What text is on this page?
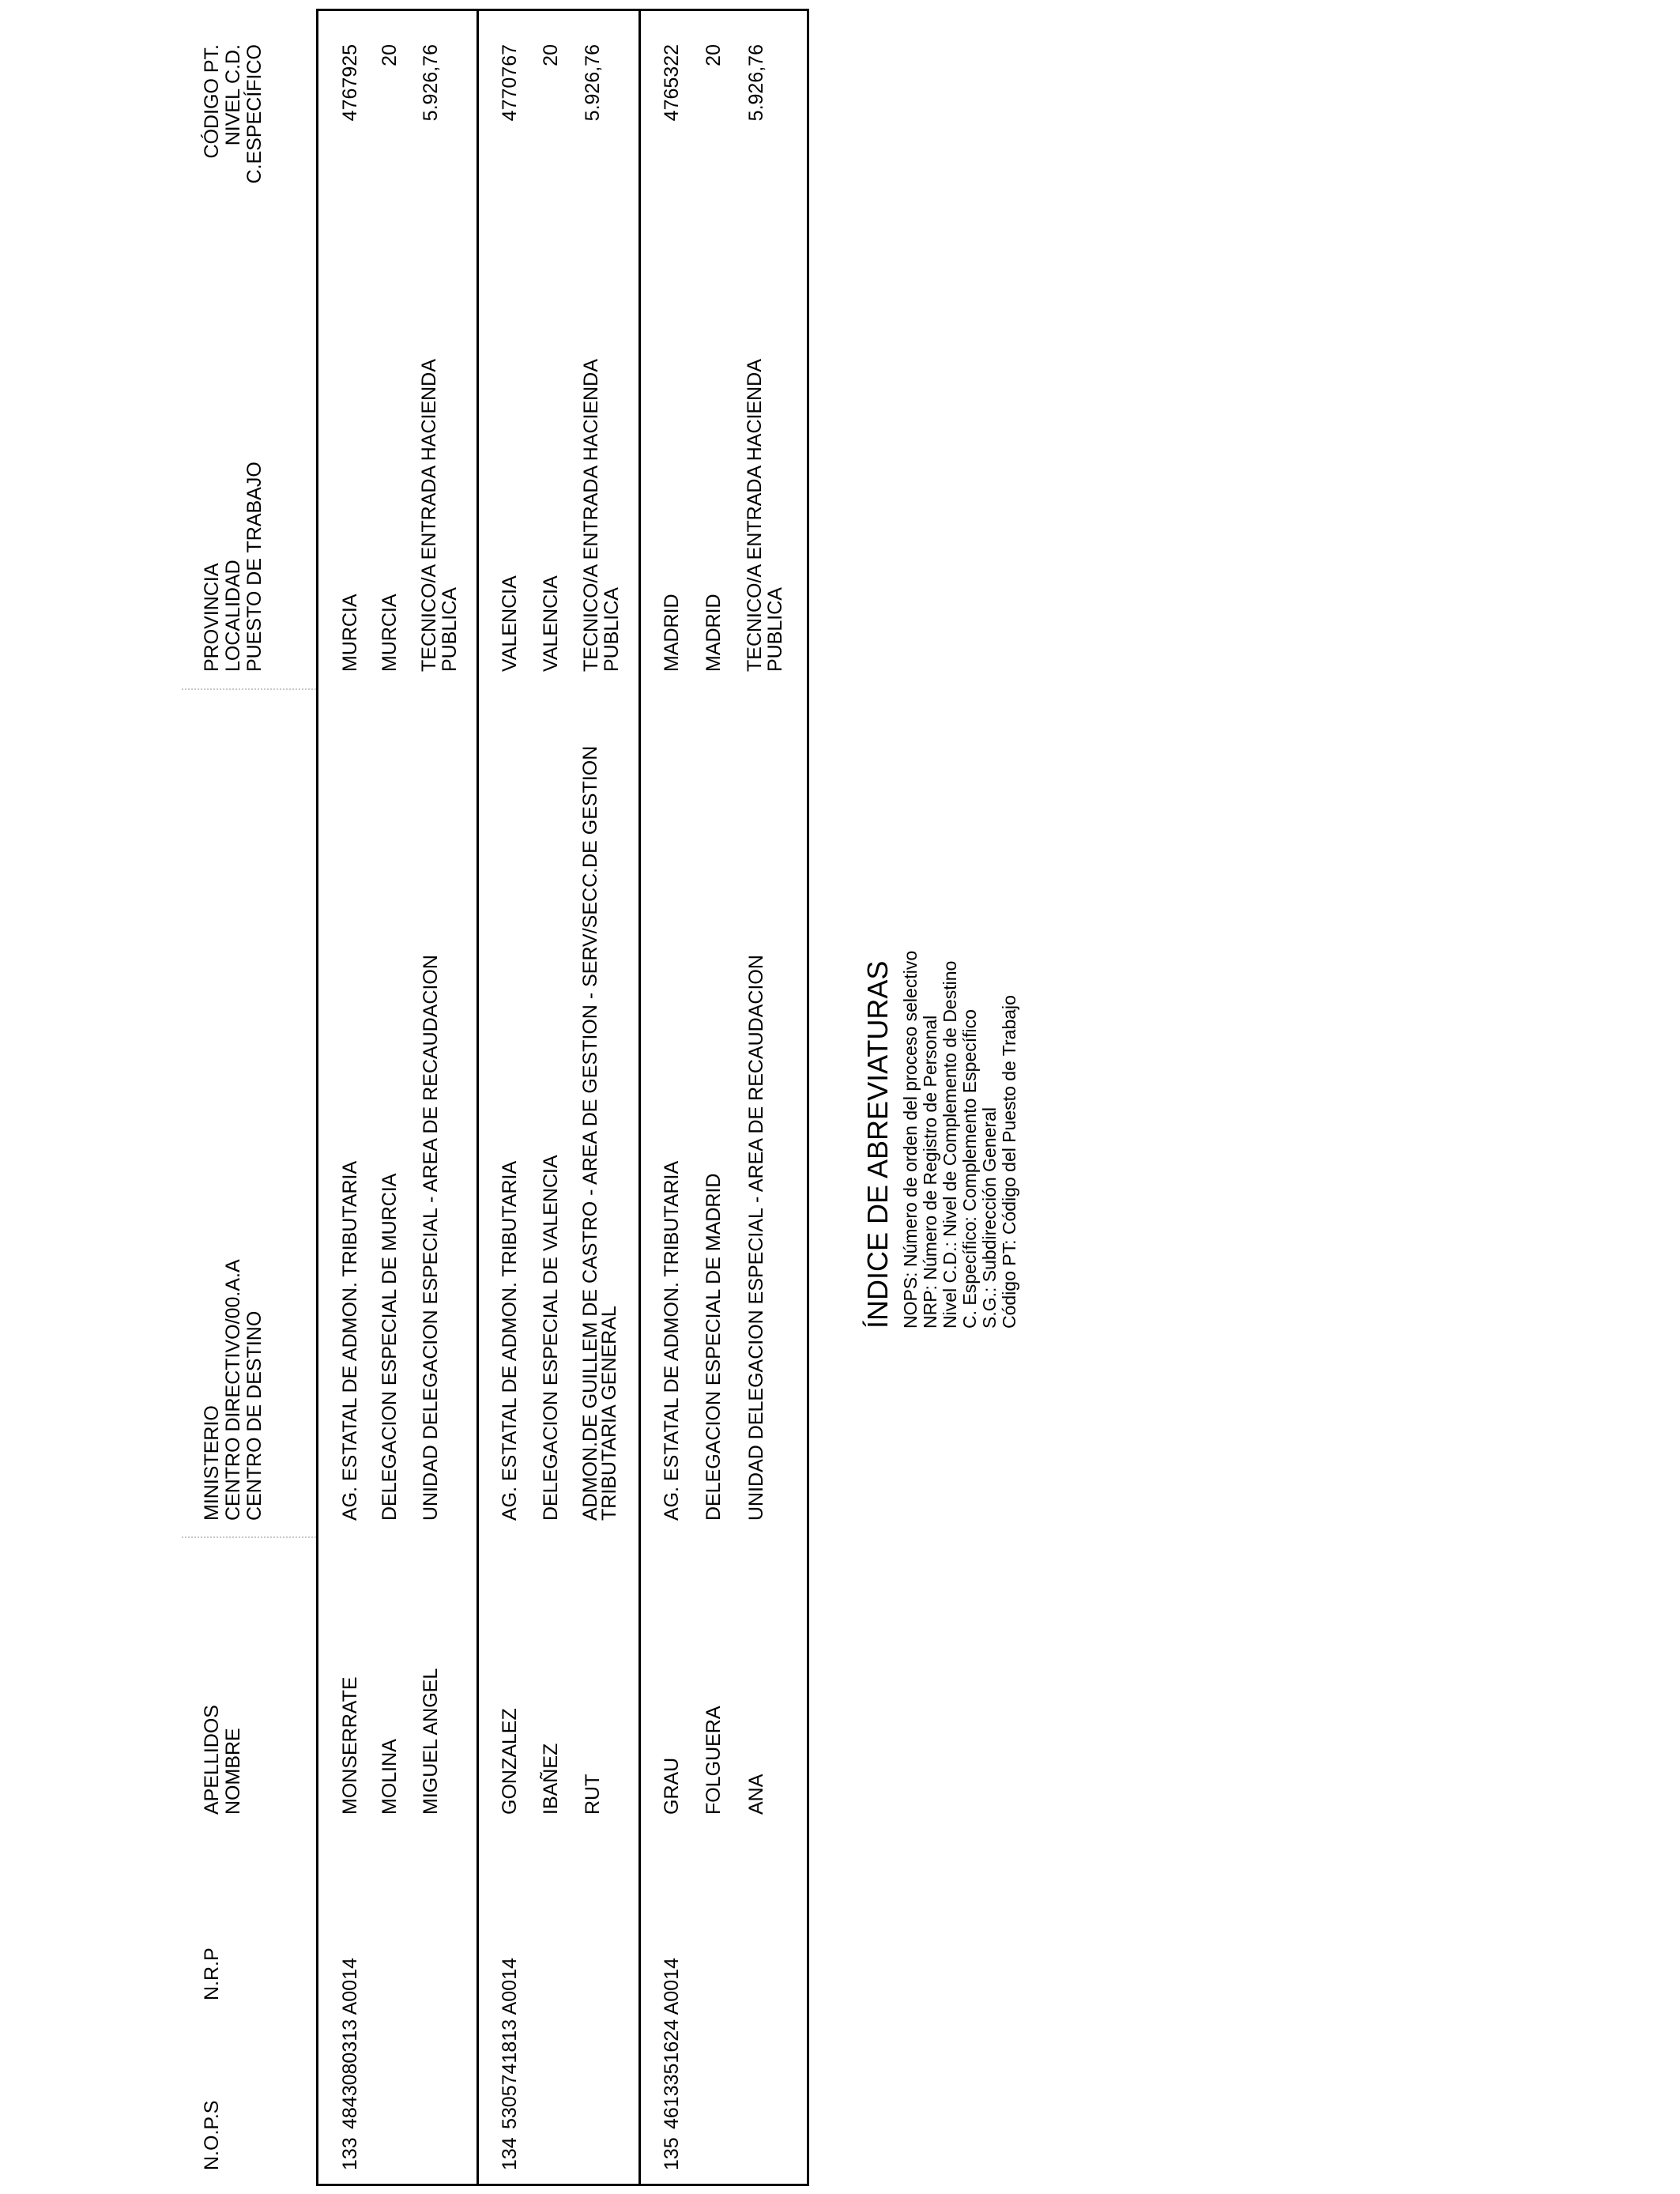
N.O.P.S
N.R.P
APELLIDOS NOMBRE
MINISTERIO CENTRO DIRECTIVO/00.A.A CENTRO DE DESTINO
PROVINCIA LOCALIDAD PUESTO DE TRABAJO
CÓDIGO PT. NIVEL C.D. C.ESPECÍFICO
133
4843080313 A0014
MONSERRATE MOLINA MIGUEL ANGEL
AG. ESTATAL DE ADMON. TRIBUTARIA DELEGACION ESPECIAL DE MURCIA UNIDAD DELEGACION ESPECIAL - AREA DE RECAUDACION
MURCIA MURCIA TECNICO/A ENTRADA HACIENDA PUBLICA
4767925 20 5.926,76
134
5305741813 A0014
GONZALEZ IBAÑEZ RUT
AG. ESTATAL DE ADMON. TRIBUTARIA DELEGACION ESPECIAL DE VALENCIA ADMON.DE GUILLEM DE CASTRO - AREA DE GESTION - SERV/SECC.DE GESTION TRIBUTARIA GENERAL
VALENCIA VALENCIA TECNICO/A ENTRADA HACIENDA PUBLICA
4770767 20 5.926,76
135
4613351624 A0014
GRAU FOLGUERA ANA
AG. ESTATAL DE ADMON. TRIBUTARIA DELEGACION ESPECIAL DE MADRID UNIDAD DELEGACION ESPECIAL - AREA DE RECAUDACION
MADRID MADRID TECNICO/A ENTRADA HACIENDA PUBLICA
4765322 20 5.926,76
ÍNDICE DE ABREVIATURAS NOPS: Número de orden del proceso selectivo NRP: Número de Registro de Personal Nivel C.D.: Nivel de Complemento de Destino C. Específico: Complemento Específico S.G.: Subdirección General Código PT: Código del Puesto de Trabajo
